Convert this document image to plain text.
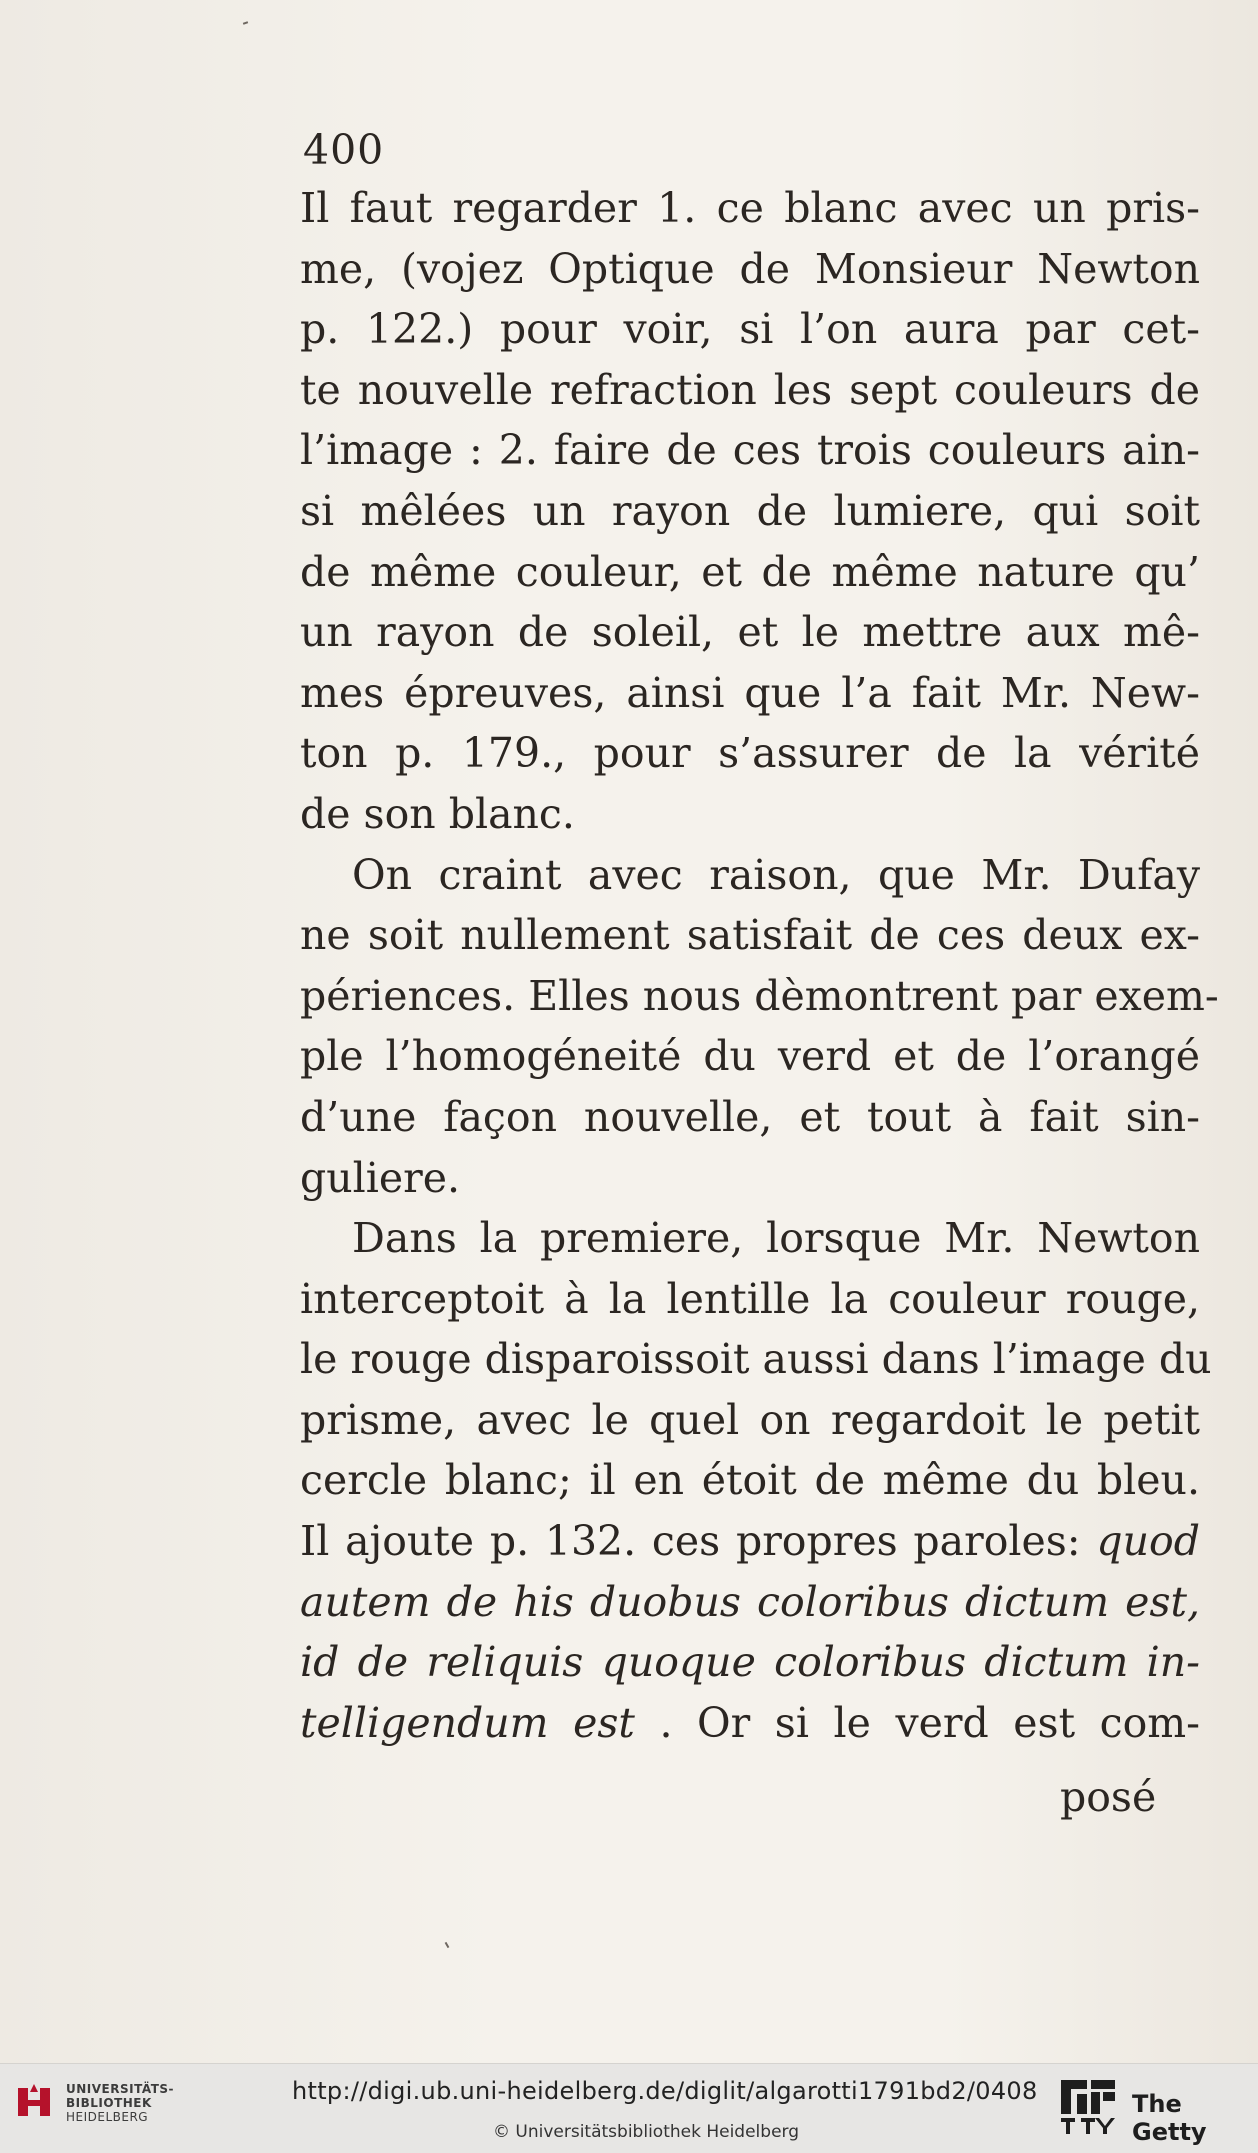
400
Il faut regarder 1. ce blanc avec un pris-
me, (vojez Optique de Monsieur Newton
p. 122.) pour voir, si l’on aura par cet-
te nouvelle refraction les sept couleurs de
l’image : 2. faire de ces trois couleurs ain-
si mêlées un rayon de lumiere, qui soit
de même couleur, et de même nature qu’
un rayon de soleil, et le mettre aux mê-
mes épreuves, ainsi que l’a fait Mr. New-
ton p. 179., pour s’assurer de la vérité
de son blanc.
On craint avec raison, que Mr. Dufay
ne soit nullement satisfait de ces deux ex-
périences. Elles nous dèmontrent par exem-
ple l’homogéneité du verd et de l’orangé
d’une façon nouvelle, et tout à fait sin-
guliere.
Dans la premiere, lorsque Mr. Newton
interceptoit à la lentille la couleur rouge,
le rouge disparoissoit aussi dans l’image du
prisme, avec le quel on regardoit le petit
cercle blanc; il en étoit de même du bleu.
Il ajoute p. 132. ces propres paroles: quod
autem de his duobus coloribus dictum est,
id de reliquis quoque coloribus dictum in-
telligendum est . Or si le verd est com-
posé
UNIVERSITÄTS-
BIBLIOTHEK
HEIDELBERG
http://digi.ub.uni-heidelberg.de/diglit/algarotti1791bd2/0408
© Universitätsbibliothek Heidelberg
The Getty
